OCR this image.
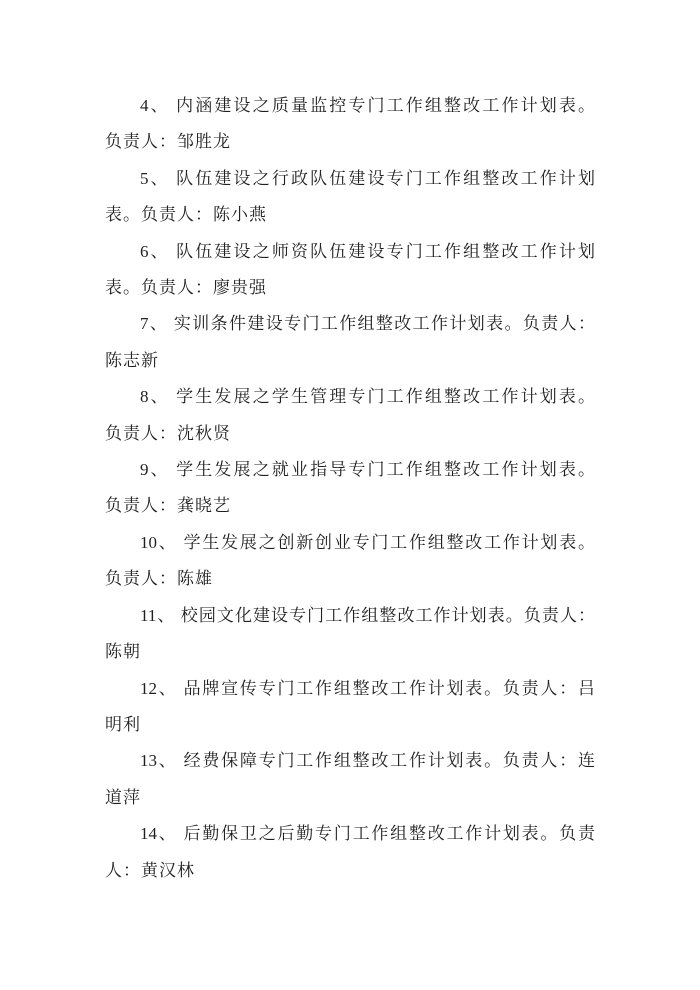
4、 内涵建设之质量监控专门工作组整改工作计划表。
负责人：邹胜龙

5、 队伍建设之行政队伍建设专门工作组整改工作计划
表。负责人：陈小燕

6、 队伍建设之师资队伍建设专门工作组整改工作计划
表。负责人：廖贵强

7、 实训条件建设专门工作组整改工作计划表。负责人：
陈志新

8、 学生发展之学生管理专门工作组整改工作计划表。
负责人：沈秋贤

9、 学生发展之就业指导专门工作组整改工作计划表。
负责人：龚晓艺

10、 学生发展之创新创业专门工作组整改工作计划表。
负责人：陈雄

11、 校园文化建设专门工作组整改工作计划表。负责人：
陈朝

12、 品牌宣传专门工作组整改工作计划表。负责人：吕
明利

13、 经费保障专门工作组整改工作计划表。负责人：连
道萍

14、 后勤保卫之后勤专门工作组整改工作计划表。负责
人：黄汉林
